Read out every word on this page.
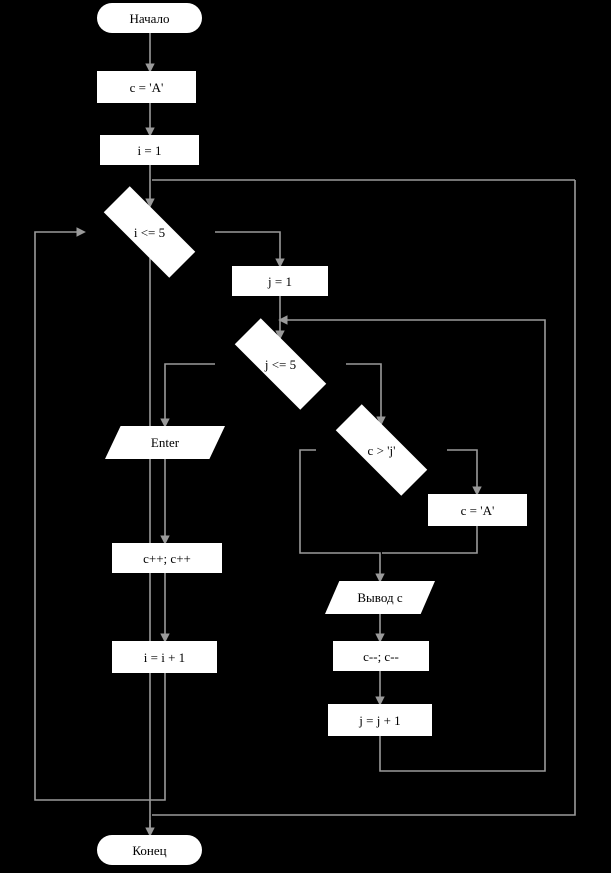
Начало
c = 'A'
i = 1
i <= 5
j = 1
j <= 5
c > 'j'
c = 'A'
Enter
Вывод c
c++; c++
c--; c--
i = i + 1
j = j + 1
Конец
